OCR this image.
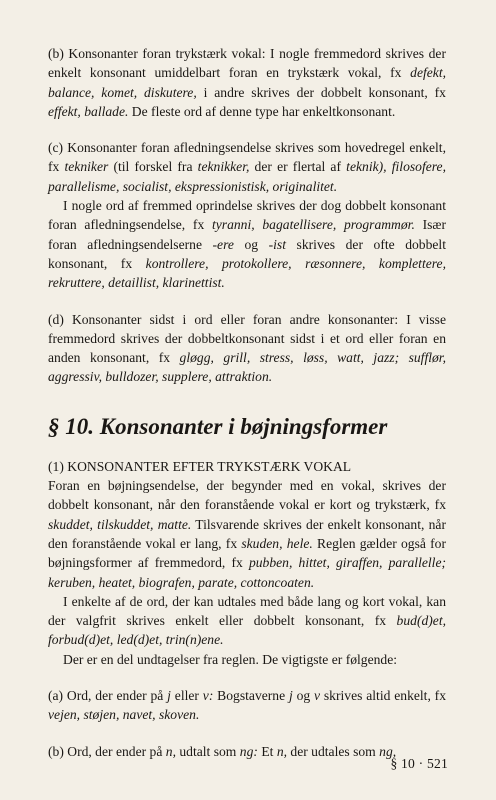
(b) Konsonanter foran trykstærk vokal: I nogle fremmedord skrives der enkelt konsonant umiddelbart foran en trykstærk vokal, fx defekt, balance, komet, diskutere, i andre skrives der dobbelt konsonant, fx effekt, ballade. De fleste ord af denne type har enkeltkonsonant.

(c) Konsonanter foran afledningsendelse skrives som hovedregel enkelt, fx tekniker (til forskel fra teknikker, der er flertal af teknik), filosofere, parallelisme, socialist, ekspressionistisk, originalitet.

I nogle ord af fremmed oprindelse skrives der dog dobbelt konsonant foran afledningsendelse, fx tyranni, bagatellisere, programmør. Især foran afledningsendelserne -ere og -ist skrives der ofte dobbelt konsonant, fx kontrollere, protokollere, ræsonnere, komplettere, rekruttere, detaillist, klarinettist.

(d) Konsonanter sidst i ord eller foran andre konsonanter: I visse fremmedord skrives der dobbeltkonsonant sidst i et ord eller foran en anden konsonant, fx gløgg, grill, stress, løss, watt, jazz; sufflør, aggressiv, bulldozer, supplere, attraktion.

§ 10. Konsonanter i bøjningsformer

(1) KONSONANTER EFTER TRYKSTÆRK VOKAL

Foran en bøjningsendelse, der begynder med en vokal, skrives der dobbelt konsonant, når den foranstående vokal er kort og trykstærk, fx skuddet, tilskuddet, matte. Tilsvarende skrives der enkelt konsonant, når den foranstående vokal er lang, fx skuden, hele. Reglen gælder også for bøjningsformer af fremmedord, fx pubben, hittet, giraffen, parallelle; keruben, heatet, biografen, parate, cottoncoaten.

I enkelte af de ord, der kan udtales med både lang og kort vokal, kan der valgfrit skrives enkelt eller dobbelt konsonant, fx bud(d)et, forbud(d)et, led(d)et, trin(n)ene.

Der er en del undtagelser fra reglen. De vigtigste er følgende:

(a) Ord, der ender på j eller v: Bogstaverne j og v skrives altid enkelt, fx vejen, støjen, navet, skoven.

(b) Ord, der ender på n, udtalt som ng: Et n, der udtales som ng,

§ 10 · 521
